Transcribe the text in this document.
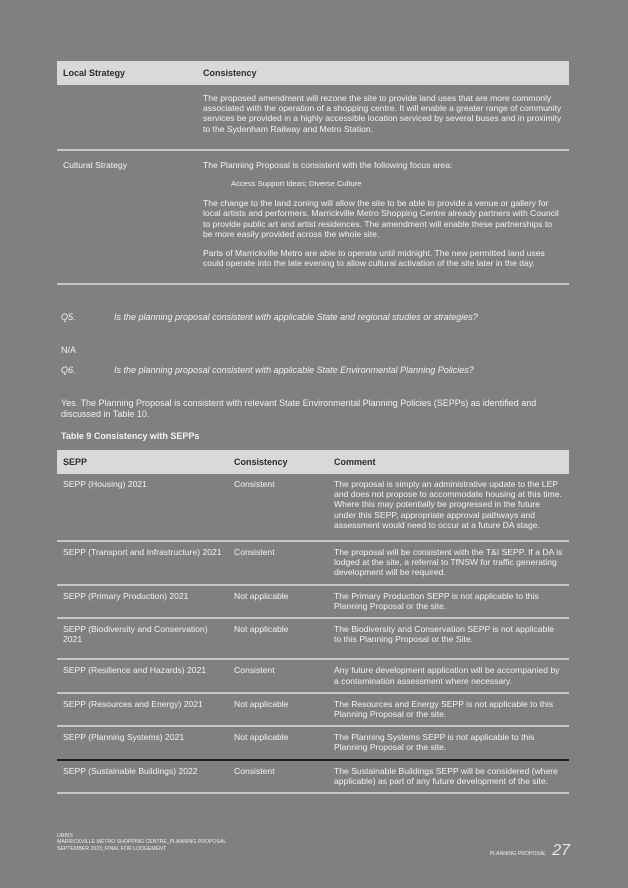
Local Strategy	Consistency

	The proposed amendment will rezone the site to provide land uses that are more commonly associated with the operation of a shopping centre. It will enable a greater range of community services be provided in a highly accessible location serviced by several buses and in proximity to the Sydenham Railway and Metro Station.

Cultural Strategy	The Planning Proposal is consistent with the following focus area:

Access Support Ideas; Diverse Culture

The change to the land zoning will allow the site to be able to provide a venue or gallery for local artists and performers. Marrickville Metro Shopping Centre already partners with Council to provide public art and artist residences. The amendment will enable these partnerships to be more easily provided across the whole site.

Parts of Marrickville Metro are able to operate until midnight. The new permitted land uses could operate into the late evening to allow cultural activation of the site later in the day.

Q5.	Is the planning proposal consistent with applicable State and regional studies or strategies?
N/A
Q6.	Is the planning proposal consistent with applicable State Environmental Planning Policies?
Yes. The Planning Proposal is consistent with relevant State Environmental Planning Policies (SEPPs) as identified and discussed in Table 10.
Table 9 Consistency with SEPPs
SEPP	Consistency	Comment
SEPP (Housing) 2021	Consistent	The proposal is simply an administrative update to the LEP and does not propose to accommodate housing at this time. Where this may potentially be progressed in the future under this SEPP, appropriate approval pathways and assessment would need to occur at a future DA stage.
SEPP (Transport and Infrastructure) 2021	Consistent	The proposal will be consistent with the T&I SEPP. If a DA is lodged at the site, a referral to TfNSW for traffic generating development will be required.
SEPP (Primary Production) 2021	Not applicable	The Primary Production SEPP is not applicable to this Planning Proposal or the site.
SEPP (Biodiversity and Conservation) 2021	Not applicable	The Biodiversity and Conservation SEPP is not applicable to this Planning Proposal or the Site.
SEPP (Resilience and Hazards) 2021	Consistent	Any future development application will be accompanied by a contamination assessment where necessary.
SEPP (Resources and Energy) 2021	Not applicable	The Resources and Energy SEPP is not applicable to this Planning Proposal or the site.
SEPP (Planning Systems) 2021	Not applicable	The Planning Systems SEPP is not applicable to this Planning Proposal or the site.
SEPP (Sustainable Buildings) 2022	Consistent	The Sustainable Buildings SEPP will be considered (where applicable) as part of any future development of the site.
URBIS
MARRICKVILLE METRO SHOPPING CENTRE_PLANNING PROPOSAL
SEPTEMBER 2023_FINAL FOR LODGEMENT
PLANNING PROPOSAL 27
